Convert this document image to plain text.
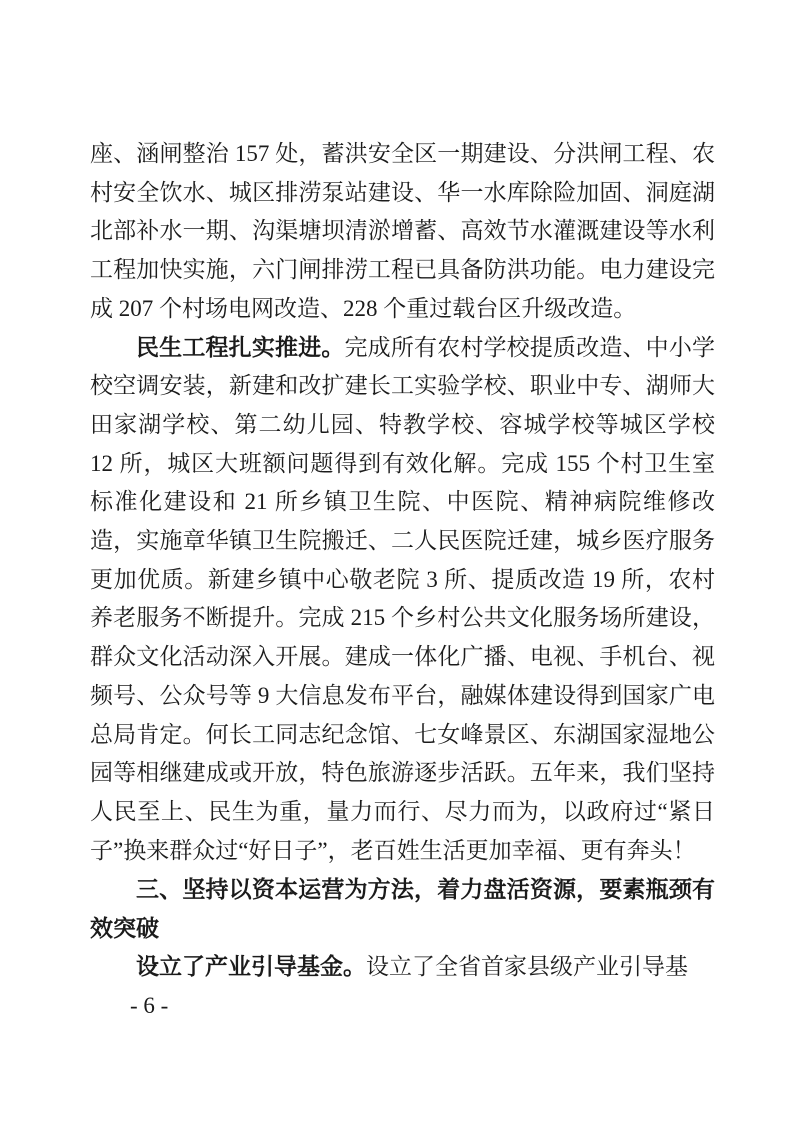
座、涵闸整治 157 处，蓄洪安全区一期建设、分洪闸工程、农村安全饮水、城区排涝泵站建设、华一水库除险加固、洞庭湖北部补水一期、沟渠塘坝清淤增蓄、高效节水灌溉建设等水利工程加快实施，六门闸排涝工程已具备防洪功能。电力建设完成 207 个村场电网改造、228 个重过载台区升级改造。

民生工程扎实推进。完成所有农村学校提质改造、中小学校空调安装，新建和改扩建长工实验学校、职业中专、湖师大田家湖学校、第二幼儿园、特教学校、容城学校等城区学校 12 所，城区大班额问题得到有效化解。完成 155 个村卫生室标准化建设和 21 所乡镇卫生院、中医院、精神病院维修改造，实施章华镇卫生院搬迁、二人民医院迁建，城乡医疗服务更加优质。新建乡镇中心敬老院 3 所、提质改造 19 所，农村养老服务不断提升。完成 215 个乡村公共文化服务场所建设，群众文化活动深入开展。建成一体化广播、电视、手机台、视频号、公众号等 9 大信息发布平台，融媒体建设得到国家广电总局肯定。何长工同志纪念馆、七女峰景区、东湖国家湿地公园等相继建成或开放，特色旅游逐步活跃。五年来，我们坚持人民至上、民生为重，量力而行、尽力而为，以政府过“紧日子”换来群众过“好日子”，老百姓生活更加幸福、更有奔头！

三、坚持以资本运营为方法，着力盘活资源，要素瓶颈有效突破

设立了产业引导基金。设立了全省首家县级产业引导基

- 6 -
